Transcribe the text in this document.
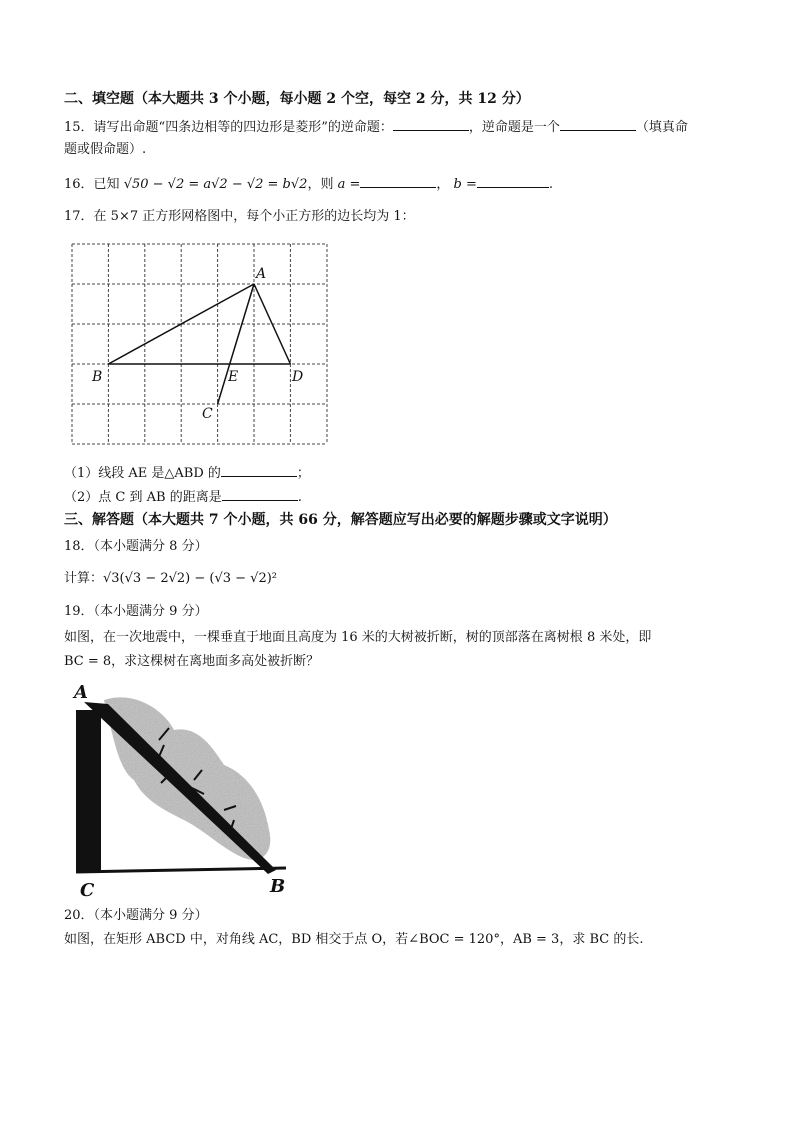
二、填空题（本大题共 3 个小题，每小题 2 个空，每空 2 分，共 12 分）
15．请写出命题“四条边相等的四边形是菱形”的逆命题：	，逆命题是一个	（填真命
题或假命题）.
16．已知 √50 − √2 = a√2 − √2 = b√2，则 a =	， b =	.
17．在 5×7 正方形网格图中，每个小正方形的边长均为 1：
A
B	E	D
C
（1）线段 AE 是△ABD 的	；
（2）点 C 到 AB 的距离是	.
三、解答题（本大题共 7 个小题，共 66 分，解答题应写出必要的解题步骤或文字说明）
18．（本小题满分 8 分）
计算：√3(√3 − 2√2) − (√3 − √2)²
19．（本小题满分 9 分）
如图，在一次地震中，一棵垂直于地面且高度为 16 米的大树被折断，树的顶部落在离树根 8 米处，即
BC = 8，求这棵树在离地面多高处被折断？
A
C	B
20．（本小题满分 9 分）
如图，在矩形 ABCD 中，对角线 AC，BD 相交于点 O，若∠BOC = 120°，AB = 3，求 BC 的长.
